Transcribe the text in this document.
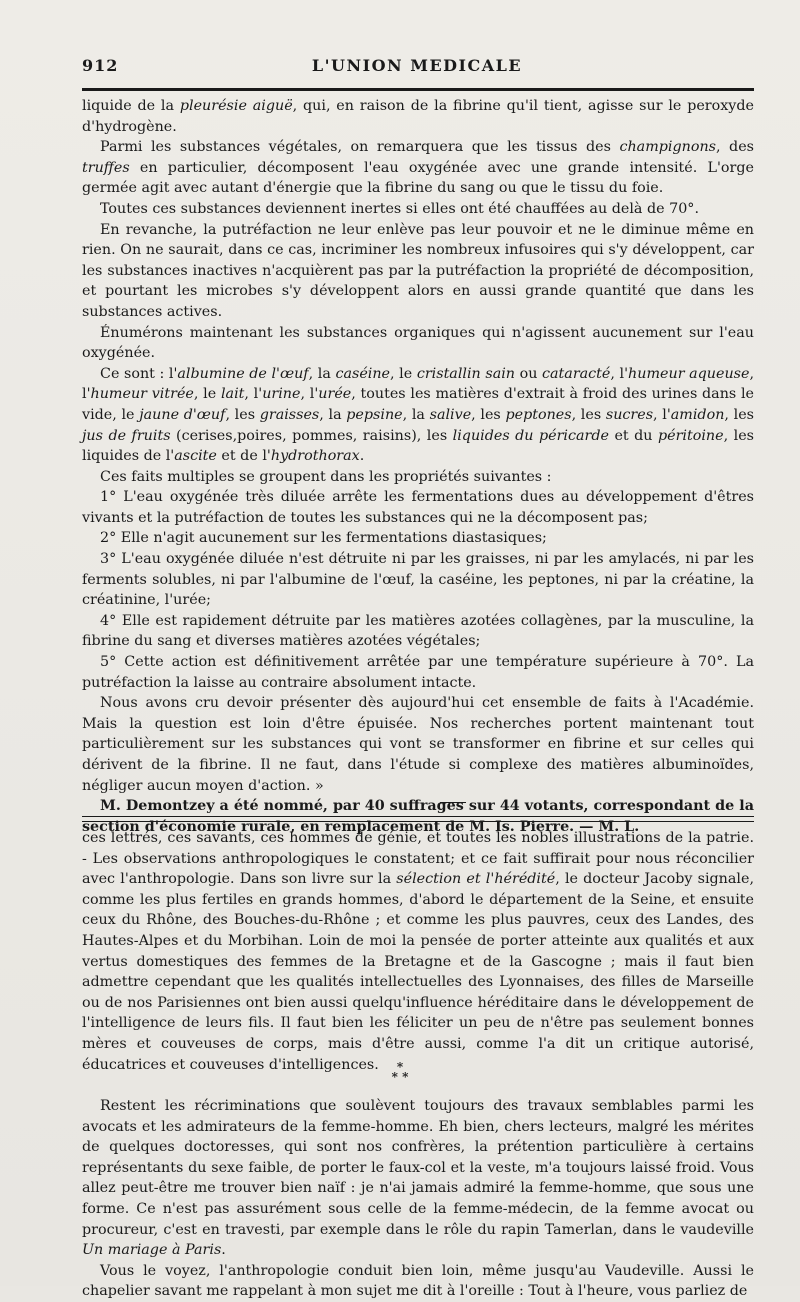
912	L'UNION MEDICALE

liquide de la pleurésie aiguë, qui, en raison de la fibrine qu'il tient, agisse sur le peroxyde d'hydrogène.

Parmi les substances végétales, on remarquera que les tissus des champignons, des truffes en particulier, décomposent l'eau oxygénée avec une grande intensité. L'orge germée agit avec autant d'énergie que la fibrine du sang ou que le tissu du foie.

Toutes ces substances deviennent inertes si elles ont été chauffées au delà de 70°.

En revanche, la putréfaction ne leur enlève pas leur pouvoir et ne le diminue même en rien. On ne saurait, dans ce cas, incriminer les nombreux infusoires qui s'y développent, car les substances inactives n'acquièrent pas par la putréfaction la propriété de décomposition, et pourtant les microbes s'y développent alors en aussi grande quantité que dans les substances actives.

Énumérons maintenant les substances organiques qui n'agissent aucunement sur l'eau oxygénée.

Ce sont : l'albumine de l'œuf, la caséine, le cristallin sain ou cataracté, l'humeur aqueuse, l'humeur vitrée, le lait, l'urine, l'urée, toutes les matières d'extrait à froid des urines dans le vide, le jaune d'œuf, les graisses, la pepsine, la salive, les peptones, les sucres, l'amidon, les jus de fruits (cerises,poires, pommes, raisins), les liquides du péricarde et du péritoine, les liquides de l'ascite et de l'hydrothorax.

Ces faits multiples se groupent dans les propriétés suivantes :

1° L'eau oxygénée très diluée arrête les fermentations dues au développement d'êtres vivants et la putréfaction de toutes les substances qui ne la décomposent pas;

2° Elle n'agit aucunement sur les fermentations diastasiques;

3° L'eau oxygénée diluée n'est détruite ni par les graisses, ni par les amylacés, ni par les ferments solubles, ni par l'albumine de l'œuf, la caséine, les peptones, ni par la créatine, la créatinine, l'urée;

4° Elle est rapidement détruite par les matières azotées collagènes, par la musculine, la fibrine du sang et diverses matières azotées végétales;

5° Cette action est définitivement arrêtée par une température supérieure à 70°. La putréfaction la laisse au contraire absolument intacte.

Nous avons cru devoir présenter dès aujourd'hui cet ensemble de faits à l'Académie. Mais la question est loin d'être épuisée. Nos recherches portent maintenant tout particulièrement sur les substances qui vont se transformer en fibrine et sur celles qui dérivent de la fibrine. Il ne faut, dans l'étude si complexe des matières albuminoïdes, négliger aucun moyen d'action. »

M. Demontzey a été nommé, par 40 suffrages sur 44 votants, correspondant de la section d'économie rurale, en remplacement de M. Is. Pierre. — M. L.

ces lettrés, ces savants, ces hommes de génie, et toutes les nobles illustrations de la patrie. - Les observations anthropologiques le constatent; et ce fait suffirait pour nous réconcilier avec l'anthropologie. Dans son livre sur la sélection et l'hérédité, le docteur Jacoby signale, comme les plus fertiles en grands hommes, d'abord le département de la Seine, et ensuite ceux du Rhône, des Bouches-du-Rhône ; et comme les plus pauvres, ceux des Landes, des Hautes-Alpes et du Morbihan. Loin de moi la pensée de porter atteinte aux qualités et aux vertus domestiques des femmes de la Bretagne et de la Gascogne ; mais il faut bien admettre cependant que les qualités intellectuelles des Lyonnaises, des filles de Marseille ou de nos Parisiennes ont bien aussi quelqu'influence héréditaire dans le développement de l'intelligence de leurs fils. Il faut bien les féliciter un peu de n'être pas seulement bonnes mères et couveuses de corps, mais d'être aussi, comme l'a dit un critique autorisé, éducatrices et couveuses d'intelligences.	*
* *

Restent les récriminations que soulèvent toujours des travaux semblables parmi les avocats et les admirateurs de la femme-homme. Eh bien, chers lecteurs, malgré les mérites de quelques doctoresses, qui sont nos confrères, la prétention particulière à certains représentants du sexe faible, de porter le faux-col et la veste, m'a toujours laissé froid. Vous allez peut-être me trouver bien naïf : je n'ai jamais admiré la femme-homme, que sous une forme. Ce n'est pas assurément sous celle de la femme-médecin, de la femme avocat ou procureur, c'est en travesti, par exemple dans le rôle du rapin Tamerlan, dans le vaudeville Un mariage à Paris.

Vous le voyez, l'anthropologie conduit bien loin, même jusqu'au Vaudeville. Aussi le chapelier savant me rappelant à mon sujet me dit à l'oreille : Tout à l'heure, vous parliez de
